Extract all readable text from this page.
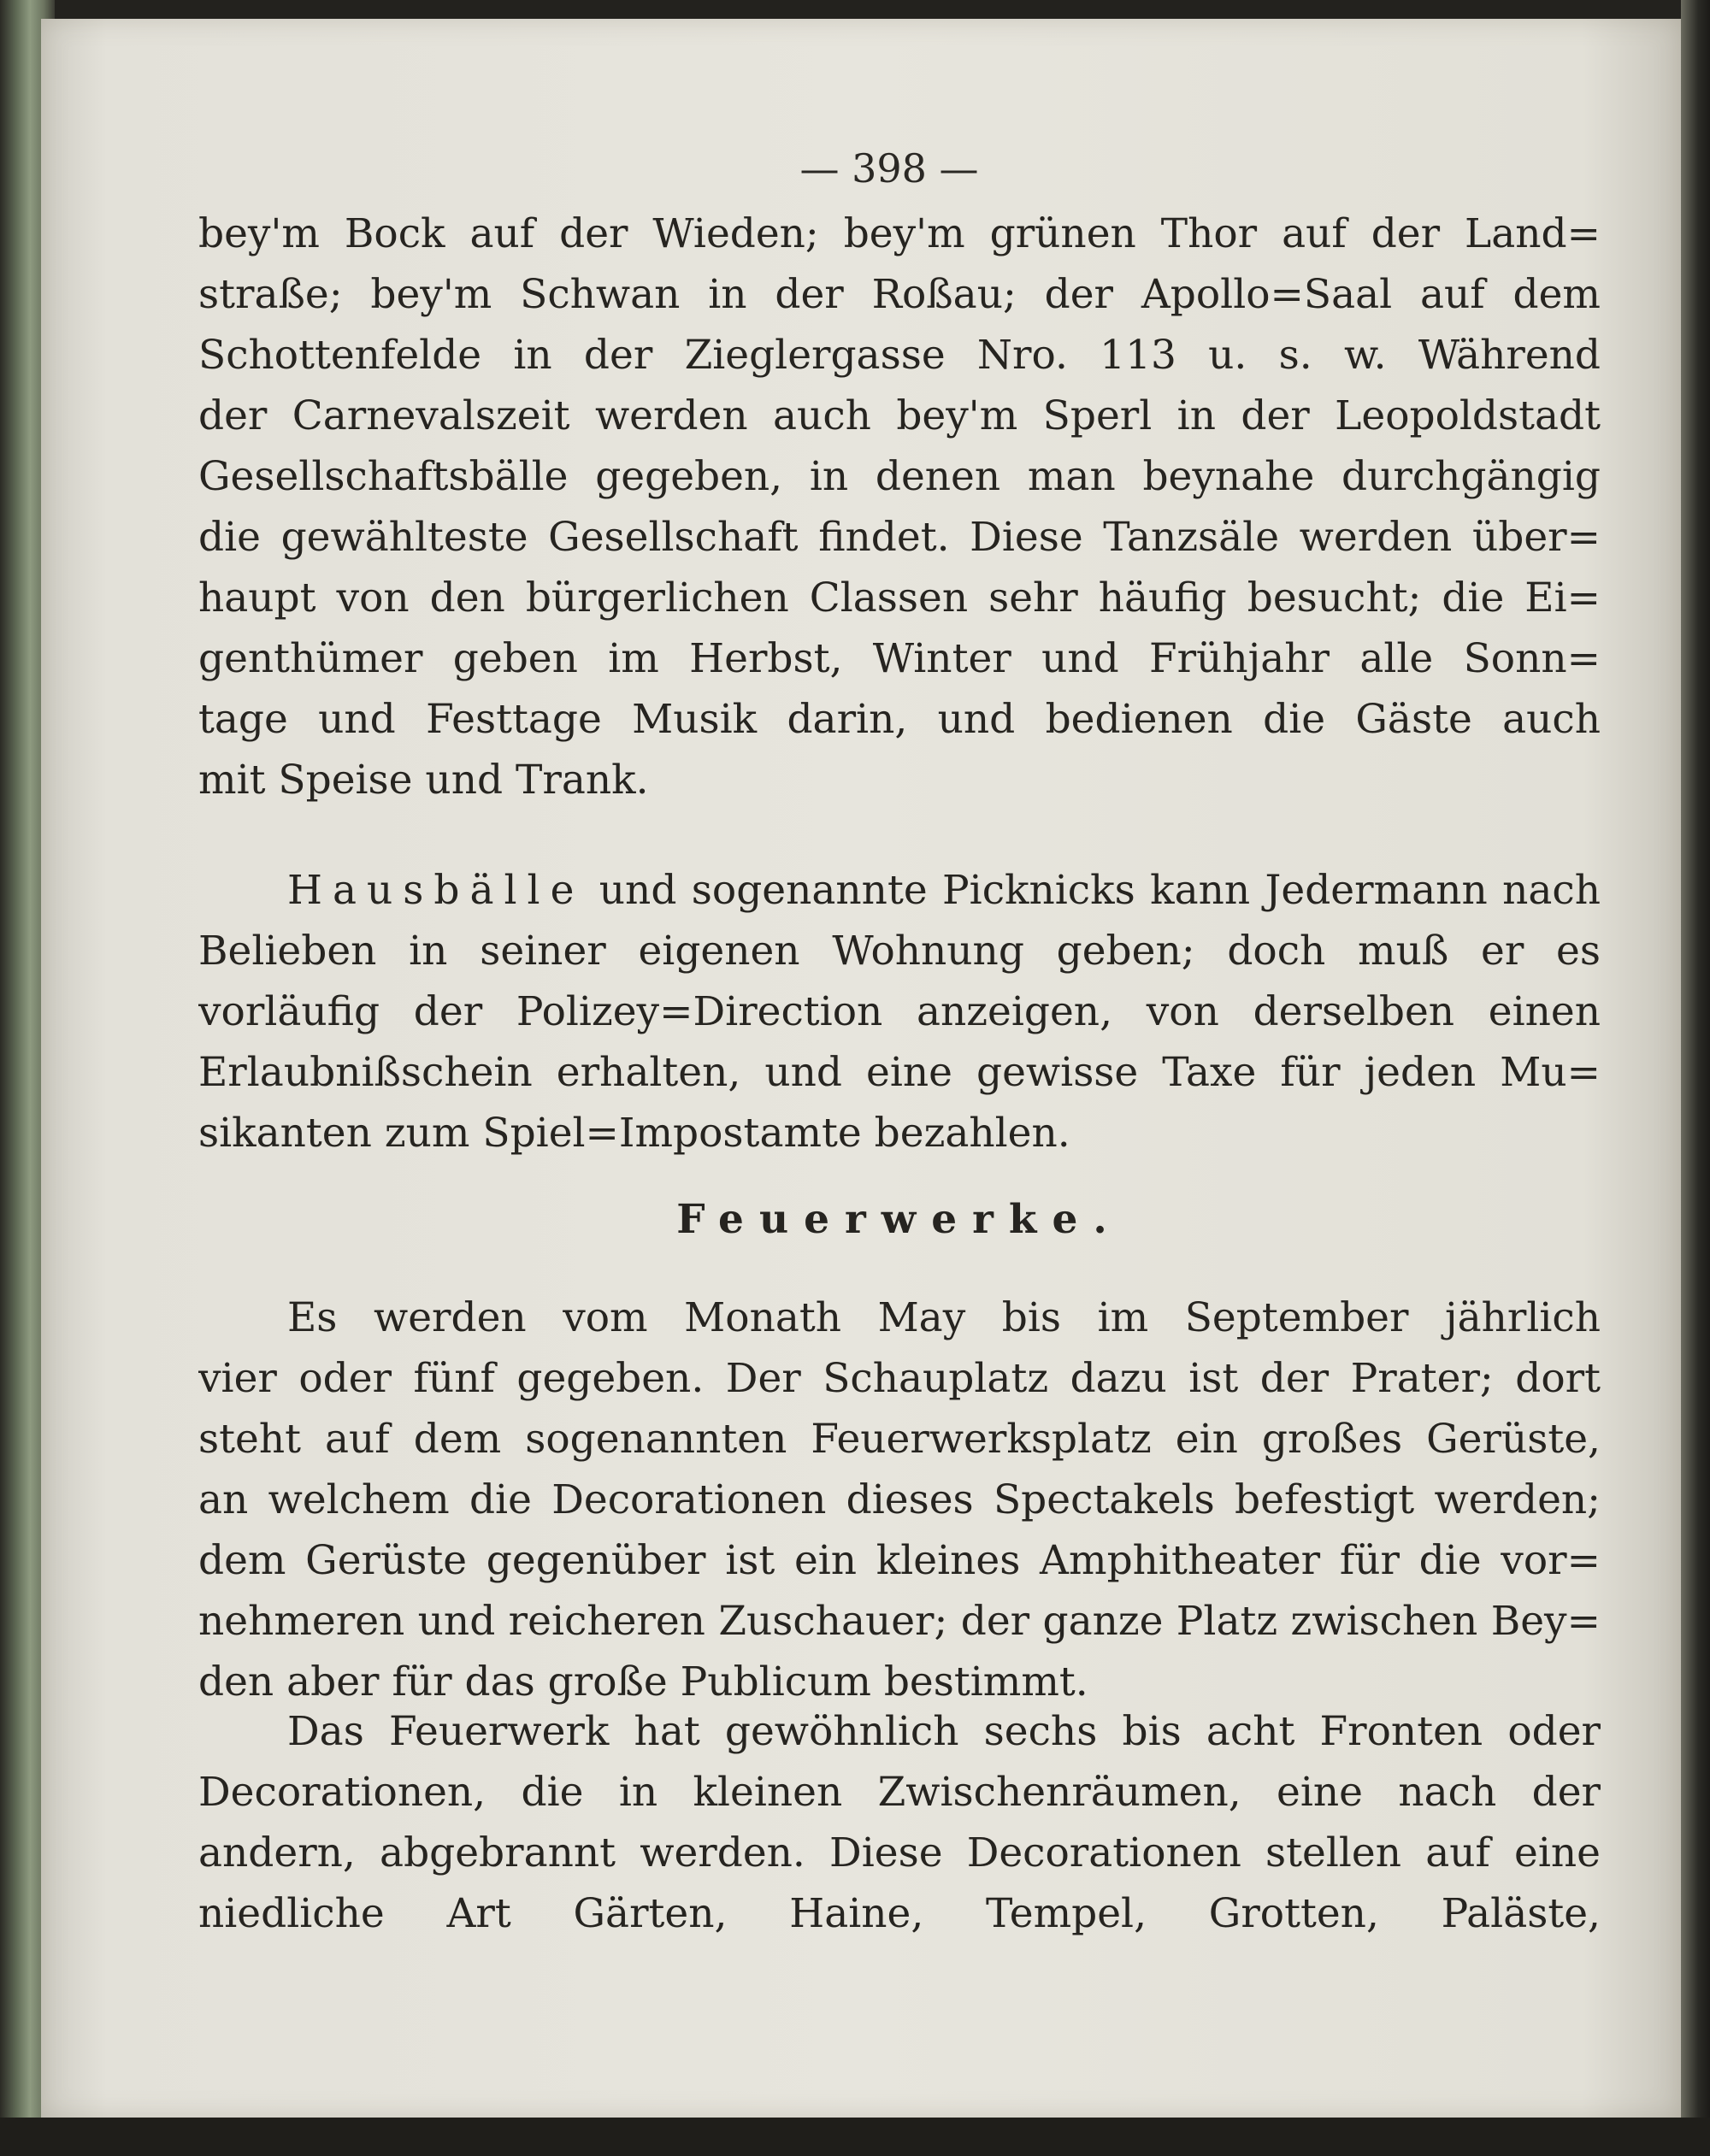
— 398 —
bey'm Bock auf der Wieden; bey'm grünen Thor auf der Land=
straße; bey'm Schwan in der Roßau; der Apollo=Saal auf dem
Schottenfelde in der Zieglergasse Nro. 113 u. s. w. Während
der Carnevalszeit werden auch bey'm Sperl in der Leopoldstadt
Gesellschaftsbälle gegeben, in denen man beynahe durchgängig
die gewählteste Gesellschaft findet. Diese Tanzsäle werden über=
haupt von den bürgerlichen Classen sehr häufig besucht; die Ei=
genthümer geben im Herbst, Winter und Frühjahr alle Sonn=
tage und Festtage Musik darin, und bedienen die Gäste auch
mit Speise und Trank.
Hausbälle und sogenannte Picknicks kann Jedermann nach
Belieben in seiner eigenen Wohnung geben; doch muß er es
vorläufig der Polizey=Direction anzeigen, von derselben einen
Erlaubnißschein erhalten, und eine gewisse Taxe für jeden Mu=
sikanten zum Spiel=Impostamte bezahlen.
Feuerwerke.
Es werden vom Monath May bis im September jährlich
vier oder fünf gegeben. Der Schauplatz dazu ist der Prater; dort
steht auf dem sogenannten Feuerwerksplatz ein großes Gerüste,
an welchem die Decorationen dieses Spectakels befestigt werden;
dem Gerüste gegenüber ist ein kleines Amphitheater für die vor=
nehmeren und reicheren Zuschauer; der ganze Platz zwischen Bey=
den aber für das große Publicum bestimmt.
Das Feuerwerk hat gewöhnlich sechs bis acht Fronten oder
Decorationen, die in kleinen Zwischenräumen, eine nach der
andern, abgebrannt werden. Diese Decorationen stellen auf eine
niedliche Art Gärten, Haine, Tempel, Grotten, Paläste,
